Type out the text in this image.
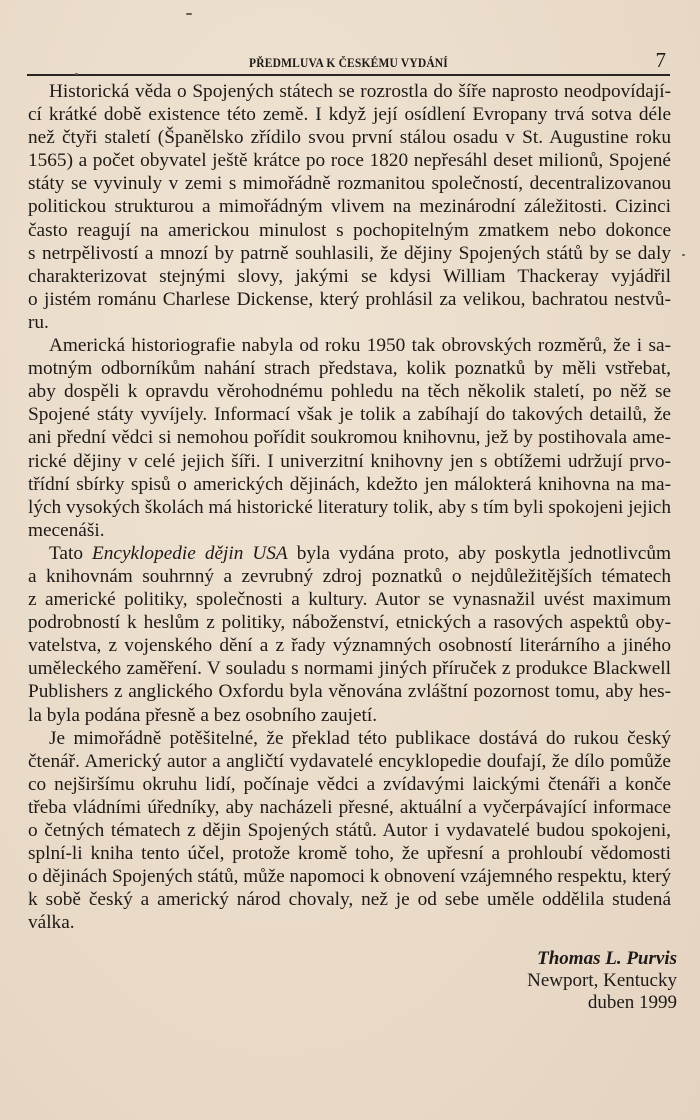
PŘEDMLUVA K ČESKÉMU VYDÁNÍ	7
Historická věda o Spojených státech se rozrostla do šíře naprosto neodpovídají-
cí krátké době existence této země. I když její osídlení Evropany trvá sotva déle
než čtyři staletí (Španělsko zřídilo svou první stálou osadu v St. Augustine roku
1565) a počet obyvatel ještě krátce po roce 1820 nepřesáhl deset milionů, Spojené
státy se vyvinuly v zemi s mimořádně rozmanitou společností, decentralizovanou
politickou strukturou a mimořádným vlivem na mezinárodní záležitosti. Cizinci
často reagují na americkou minulost s pochopitelným zmatkem nebo dokonce
s netrpělivostí a mnozí by patrně souhlasili, že dějiny Spojených států by se daly
charakterizovat stejnými slovy, jakými se kdysi William Thackeray vyjádřil
o jistém románu Charlese Dickense, který prohlásil za velikou, bachratou nestvů-
ru.
Americká historiografie nabyla od roku 1950 tak obrovských rozměrů, že i sa-
motným odborníkům nahání strach představa, kolik poznatků by měli vstřebat,
aby dospěli k opravdu věrohodnému pohledu na těch několik staletí, po něž se
Spojené státy vyvíjely. Informací však je tolik a zabíhají do takových detailů, že
ani přední vědci si nemohou pořídit soukromou knihovnu, jež by postihovala ame-
rické dějiny v celé jejich šíři. I univerzitní knihovny jen s obtížemi udržují prvo-
třídní sbírky spisů o amerických dějinách, kdežto jen málokterá knihovna na ma-
lých vysokých školách má historické literatury tolik, aby s tím byli spokojeni jejich
mecenáši.
Tato Encyklopedie dějin USA byla vydána proto, aby poskytla jednotlivcům
a knihovnám souhrnný a zevrubný zdroj poznatků o nejdůležitějších tématech
z americké politiky, společnosti a kultury. Autor se vynasnažil uvést maximum
podrobností k heslům z politiky, náboženství, etnických a rasových aspektů oby-
vatelstva, z vojenského dění a z řady významných osobností literárního a jiného
uměleckého zaměření. V souladu s normami jiných příruček z produkce Blackwell
Publishers z anglického Oxfordu byla věnována zvláštní pozornost tomu, aby hes-
la byla podána přesně a bez osobního zaujetí.
Je mimořádně potěšitelné, že překlad této publikace dostává do rukou český
čtenář. Americký autor a angličtí vydavatelé encyklopedie doufají, že dílo pomůže
co nejširšímu okruhu lidí, počínaje vědci a zvídavými laickými čtenáři a konče
třeba vládními úředníky, aby nacházeli přesné, aktuální a vyčerpávající informace
o četných tématech z dějin Spojených států. Autor i vydavatelé budou spokojeni,
splní-li kniha tento účel, protože kromě toho, že upřesní a prohloubí vědomosti
o dějinách Spojených států, může napomoci k obnovení vzájemného respektu, který
k sobě český a americký národ chovaly, než je od sebe uměle oddělila studená
válka.
Thomas L. Purvis
Newport, Kentucky
duben 1999
